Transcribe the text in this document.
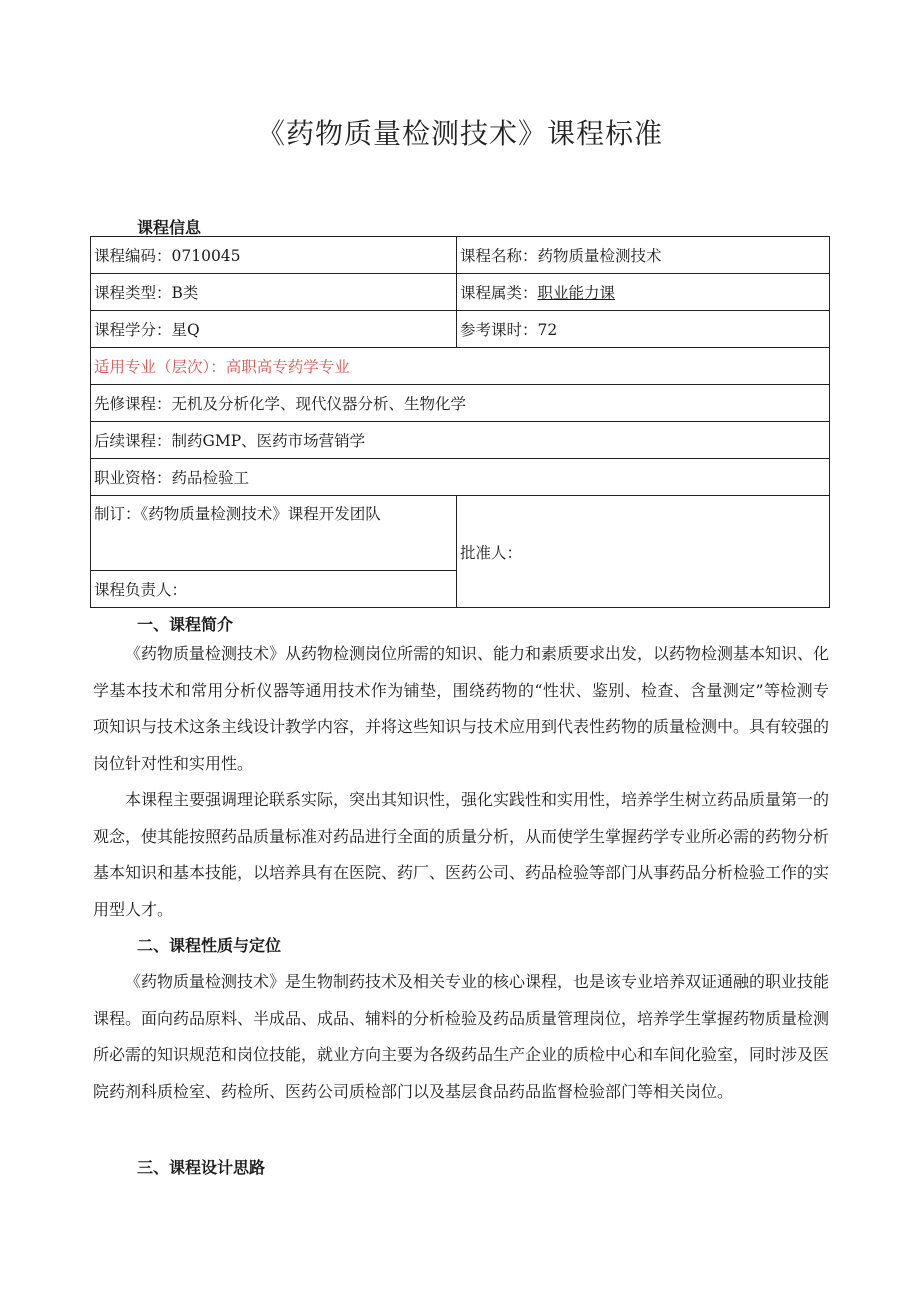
《药物质量检测技术》课程标准
课程信息
课程编码：0710045	课程名称：药物质量检测技术
课程类型：B类	课程属类：职业能力课
课程学分：星Q	参考课时：72
适用专业（层次）：高职高专药学专业	
先修课程：无机及分析化学、现代仪器分析、生物化学	
后续课程：制药GMP、医药市场营销学	
职业资格：药品检验工	
制订：《药物质量检测技术》课程开发团队	批准人：
课程负责人：	
一、课程简介
《药物质量检测技术》从药物检测岗位所需的知识、能力和素质要求出发，以药物检测基本知识、化学基本技术和常用分析仪器等通用技术作为铺垫，围绕药物的“性状、鉴别、检查、含量测定”等检测专项知识与技术这条主线设计教学内容，并将这些知识与技术应用到代表性药物的质量检测中。具有较强的岗位针对性和实用性。
本课程主要强调理论联系实际，突出其知识性，强化实践性和实用性，培养学生树立药品质量第一的观念，使其能按照药品质量标准对药品进行全面的质量分析，从而使学生掌握药学专业所必需的药物分析基本知识和基本技能，以培养具有在医院、药厂、医药公司、药品检验等部门从事药品分析检验工作的实用型人才。
二、课程性质与定位
《药物质量检测技术》是生物制药技术及相关专业的核心课程，也是该专业培养双证通融的职业技能课程。面向药品原料、半成品、成品、辅料的分析检验及药品质量管理岗位，培养学生掌握药物质量检测所必需的知识规范和岗位技能，就业方向主要为各级药品生产企业的质检中心和车间化验室，同时涉及医院药剂科质检室、药检所、医药公司质检部门以及基层食品药品监督检验部门等相关岗位。
三、课程设计思路
